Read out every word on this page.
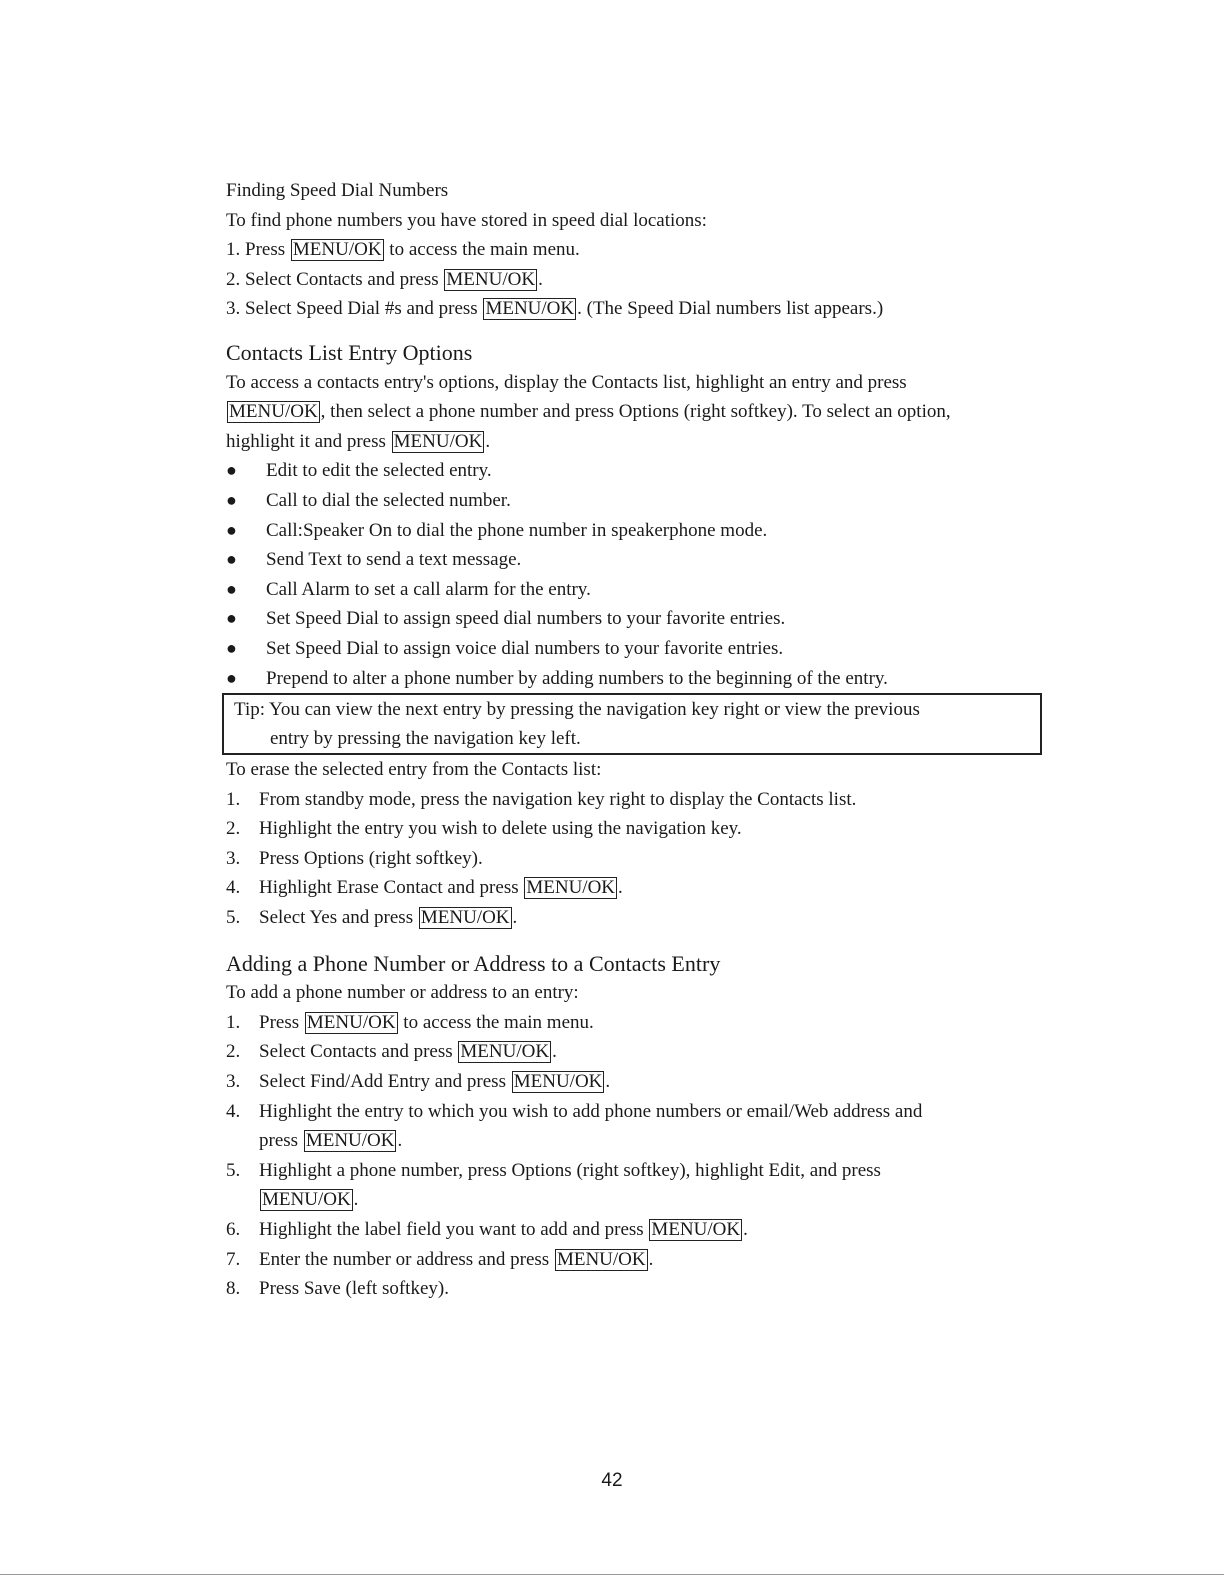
Finding Speed Dial Numbers
To find phone numbers you have stored in speed dial locations:
1. Press MENU/OK to access the main menu.
2. Select Contacts and press MENU/OK .
3. Select Speed Dial #s and press MENU/OK . (The Speed Dial numbers list appears.)
Contacts List Entry Options
To access a contacts entry's options, display the Contacts list, highlight an entry and press
MENU/OK , then select a phone number and press Options (right softkey). To select an option,
highlight it and press MENU/OK .
●	Edit to edit the selected entry.
●	Call to dial the selected number.
●	Call:Speaker On to dial the phone number in speakerphone mode.
●	Send Text to send a text message.
●	Call Alarm to set a call alarm for the entry.
●	Set Speed Dial to assign speed dial numbers to your favorite entries.
●	Set Speed Dial to assign voice dial numbers to your favorite entries.
●	Prepend to alter a phone number by adding numbers to the beginning of the entry.
Tip: You can view the next entry by pressing the navigation key right or view the previous
entry by pressing the navigation key left.
To erase the selected entry from the Contacts list:
1. From standby mode, press the navigation key right to display the Contacts list.
2. Highlight the entry you wish to delete using the navigation key.
3. Press Options (right softkey).
4. Highlight Erase Contact and press MENU/OK .
5. Select Yes and press MENU/OK .
Adding a Phone Number or Address to a Contacts Entry
To add a phone number or address to an entry:
1. Press MENU/OK to access the main menu.
2. Select Contacts and press MENU/OK .
3. Select Find/Add Entry and press MENU/OK .
4. Highlight the entry to which you wish to add phone numbers or email/Web address and
press MENU/OK .
5. Highlight a phone number, press Options (right softkey), highlight Edit, and press
MENU/OK .
6. Highlight the label field you want to add and press MENU/OK .
7. Enter the number or address and press MENU/OK .
8. Press Save (left softkey).
42
